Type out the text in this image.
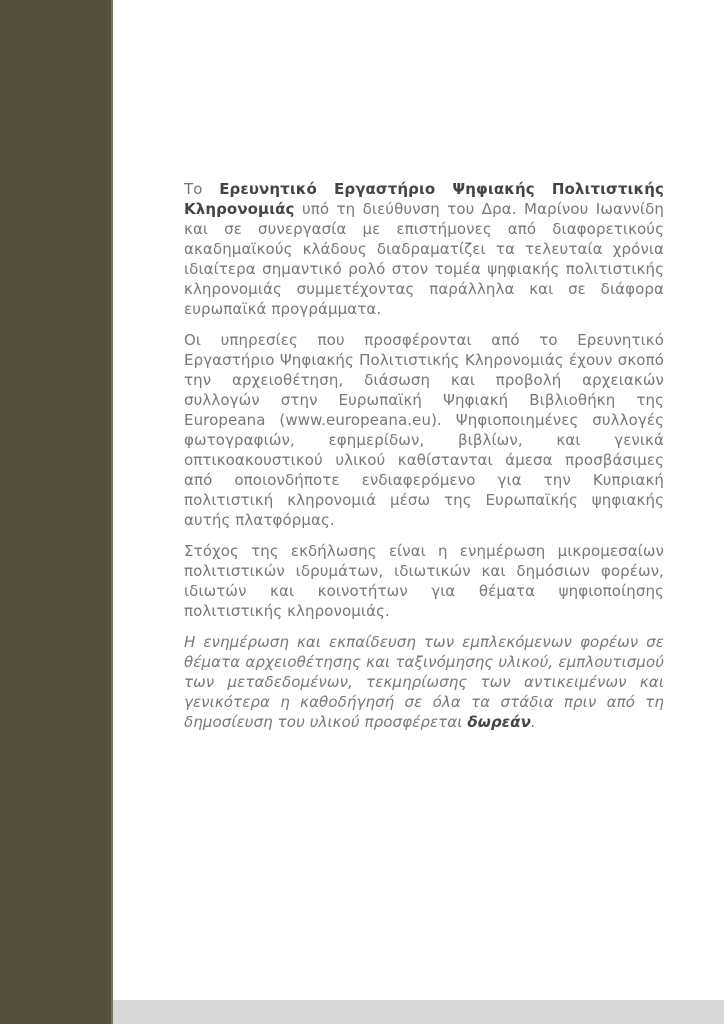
Το Ερευνητικό Εργαστήριο Ψηφιακής Πολιτιστικής Κληρονομιάς υπό τη διεύθυνση του Δρα. Μαρίνου Ιωαννίδη και σε συνεργασία με επιστήμονες από διαφορετικούς ακαδημαϊκούς κλάδους διαδραματίζει τα τελευταία χρόνια ιδιαίτερα σημαντικό ρολό στον τομέα ψηφιακής πολιτιστικής κληρονομιάς συμμετέχοντας παράλληλα και σε διάφορα ευρωπαϊκά προγράμματα.

Οι υπηρεσίες που προσφέρονται από το Ερευνητικό Εργαστήριο Ψηφιακής Πολιτιστικής Κληρονομιάς έχουν σκοπό την αρχειοθέτηση, διάσωση και προβολή αρχειακών συλλογών στην Ευρωπαϊκή Ψηφιακή Βιβλιοθήκη της Europeana (www.europeana.eu). Ψηφιοποιημένες συλλογές φωτογραφιών, εφημερίδων, βιβλίων, και γενικά οπτικοακουστικού υλικού καθίστανται άμεσα προσβάσιμες από οποιονδήποτε ενδιαφερόμενο για την Κυπριακή πολιτιστική κληρονομιά μέσω της Ευρωπαϊκής ψηφιακής αυτής πλατφόρμας.

Στόχος της εκδήλωσης είναι η ενημέρωση μικρομεσαίων πολιτιστικών ιδρυμάτων, ιδιωτικών και δημόσιων φορέων, ιδιωτών και κοινοτήτων για θέματα ψηφιοποίησης πολιτιστικής κληρονομιάς.

Η ενημέρωση και εκπαίδευση των εμπλεκόμενων φορέων σε θέματα αρχειοθέτησης και ταξινόμησης υλικού, εμπλουτισμού των μεταδεδομένων, τεκμηρίωσης των αντικειμένων και γενικότερα η καθοδήγησή σε όλα τα στάδια πριν από τη δημοσίευση του υλικού προσφέρεται δωρεάν.
